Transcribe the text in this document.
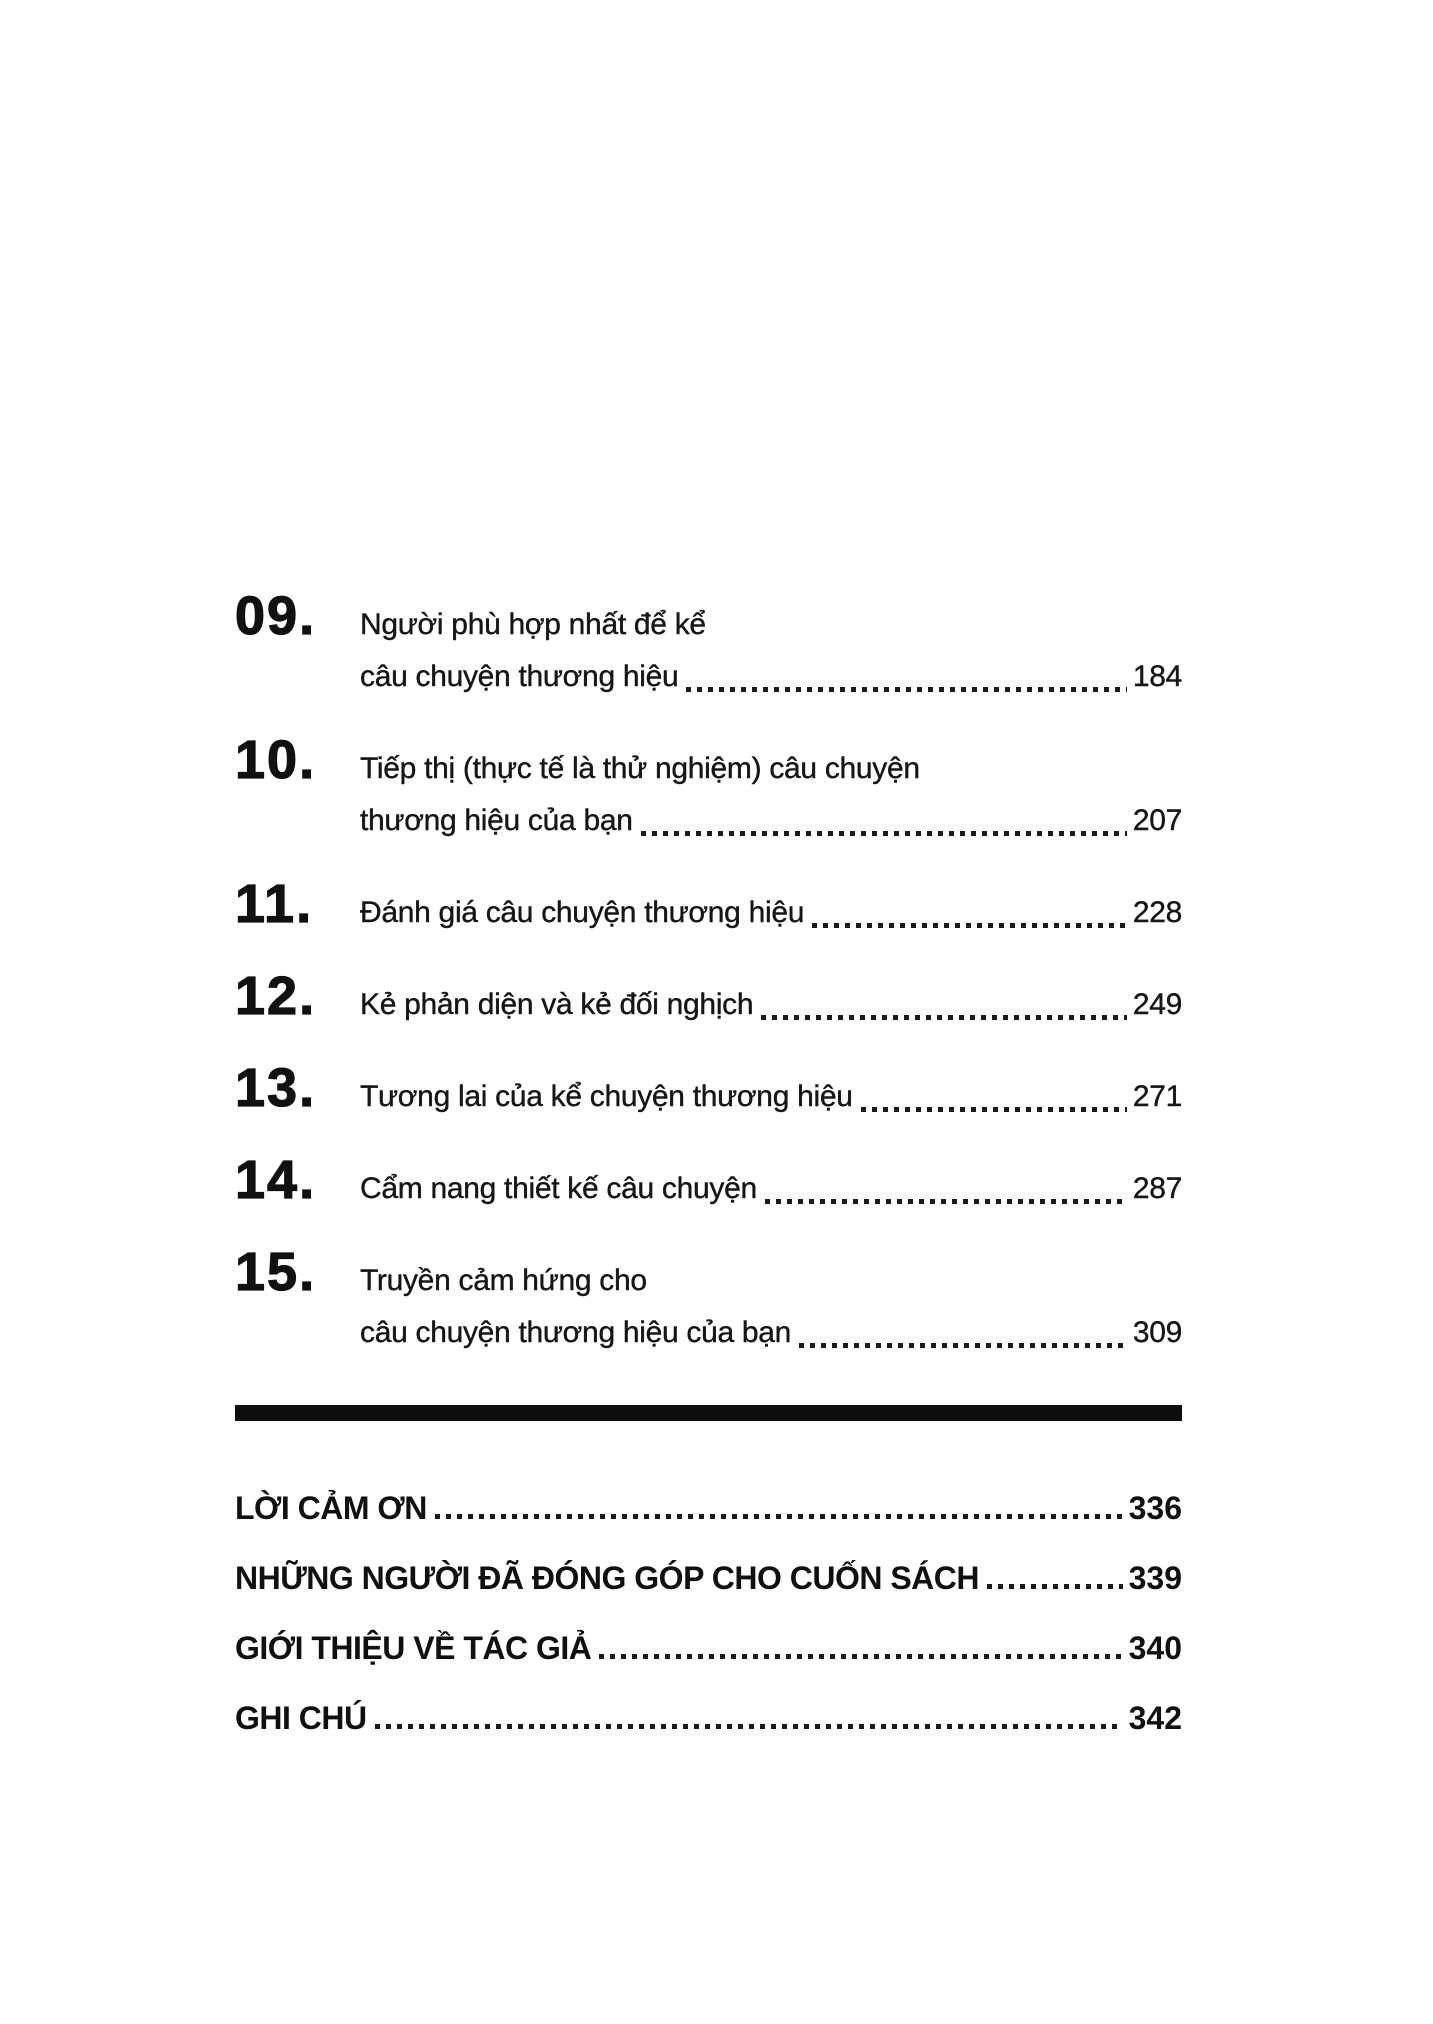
09.	Người phù hợp nhất để kể
câu chuyện thương hiệu	184
10.	Tiếp thị (thực tế là thử nghiệm) câu chuyện
thương hiệu của bạn	207
11.	Đánh giá câu chuyện thương hiệu	228
12.	Kẻ phản diện và kẻ đối nghịch	249
13.	Tương lai của kể chuyện thương hiệu	271
14.	Cẩm nang thiết kế câu chuyện	287
15.	Truyền cảm hứng cho
câu chuyện thương hiệu của bạn	309
LỜI CẢM ƠN	336
NHỮNG NGƯỜI ĐÃ ĐÓNG GÓP CHO CUỐN SÁCH	339
GIỚI THIỆU VỀ TÁC GIẢ	340
GHI CHÚ	342
